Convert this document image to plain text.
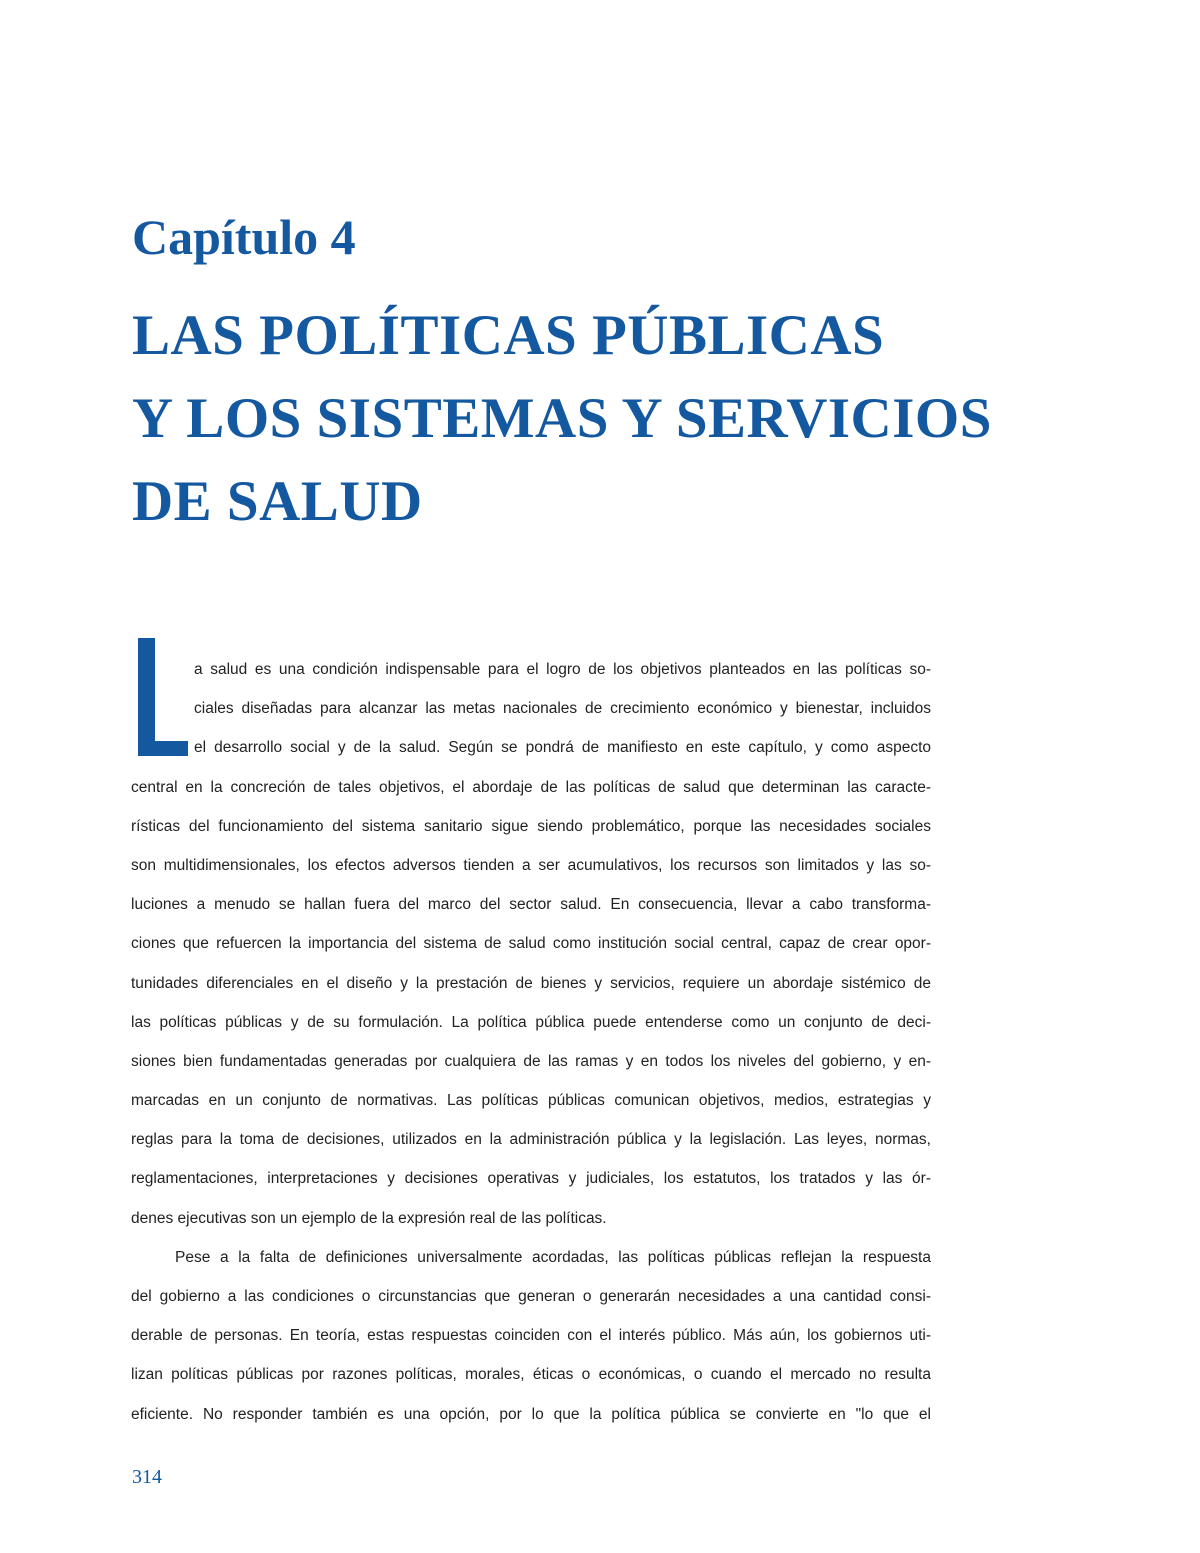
Capítulo 4
LAS POLÍTICAS PÚBLICAS
Y LOS SISTEMAS Y SERVICIOS
DE SALUD
a salud es una condición indispensable para el logro de los objetivos planteados en las políticas so-
ciales diseñadas para alcanzar las metas nacionales de crecimiento económico y bienestar, incluidos
el desarrollo social y de la salud. Según se pondrá de manifiesto en este capítulo, y como aspecto
central en la concreción de tales objetivos, el abordaje de las políticas de salud que determinan las caracte-
rísticas del funcionamiento del sistema sanitario sigue siendo problemático, porque las necesidades sociales
son multidimensionales, los efectos adversos tienden a ser acumulativos, los recursos son limitados y las so-
luciones a menudo se hallan fuera del marco del sector salud. En consecuencia, llevar a cabo transforma-
ciones que refuercen la importancia del sistema de salud como institución social central, capaz de crear opor-
tunidades diferenciales en el diseño y la prestación de bienes y servicios, requiere un abordaje sistémico de
las políticas públicas y de su formulación. La política pública puede entenderse como un conjunto de deci-
siones bien fundamentadas generadas por cualquiera de las ramas y en todos los niveles del gobierno, y en-
marcadas en un conjunto de normativas. Las políticas públicas comunican objetivos, medios, estrategias y
reglas para la toma de decisiones, utilizados en la administración pública y la legislación. Las leyes, normas,
reglamentaciones, interpretaciones y decisiones operativas y judiciales, los estatutos, los tratados y las ór-
denes ejecutivas son un ejemplo de la expresión real de las políticas.
Pese a la falta de definiciones universalmente acordadas, las políticas públicas reflejan la respuesta
del gobierno a las condiciones o circunstancias que generan o generarán necesidades a una cantidad consi-
derable de personas. En teoría, estas respuestas coinciden con el interés público. Más aún, los gobiernos uti-
lizan políticas públicas por razones políticas, morales, éticas o económicas, o cuando el mercado no resulta
eficiente. No responder también es una opción, por lo que la política pública se convierte en "lo que el
314
